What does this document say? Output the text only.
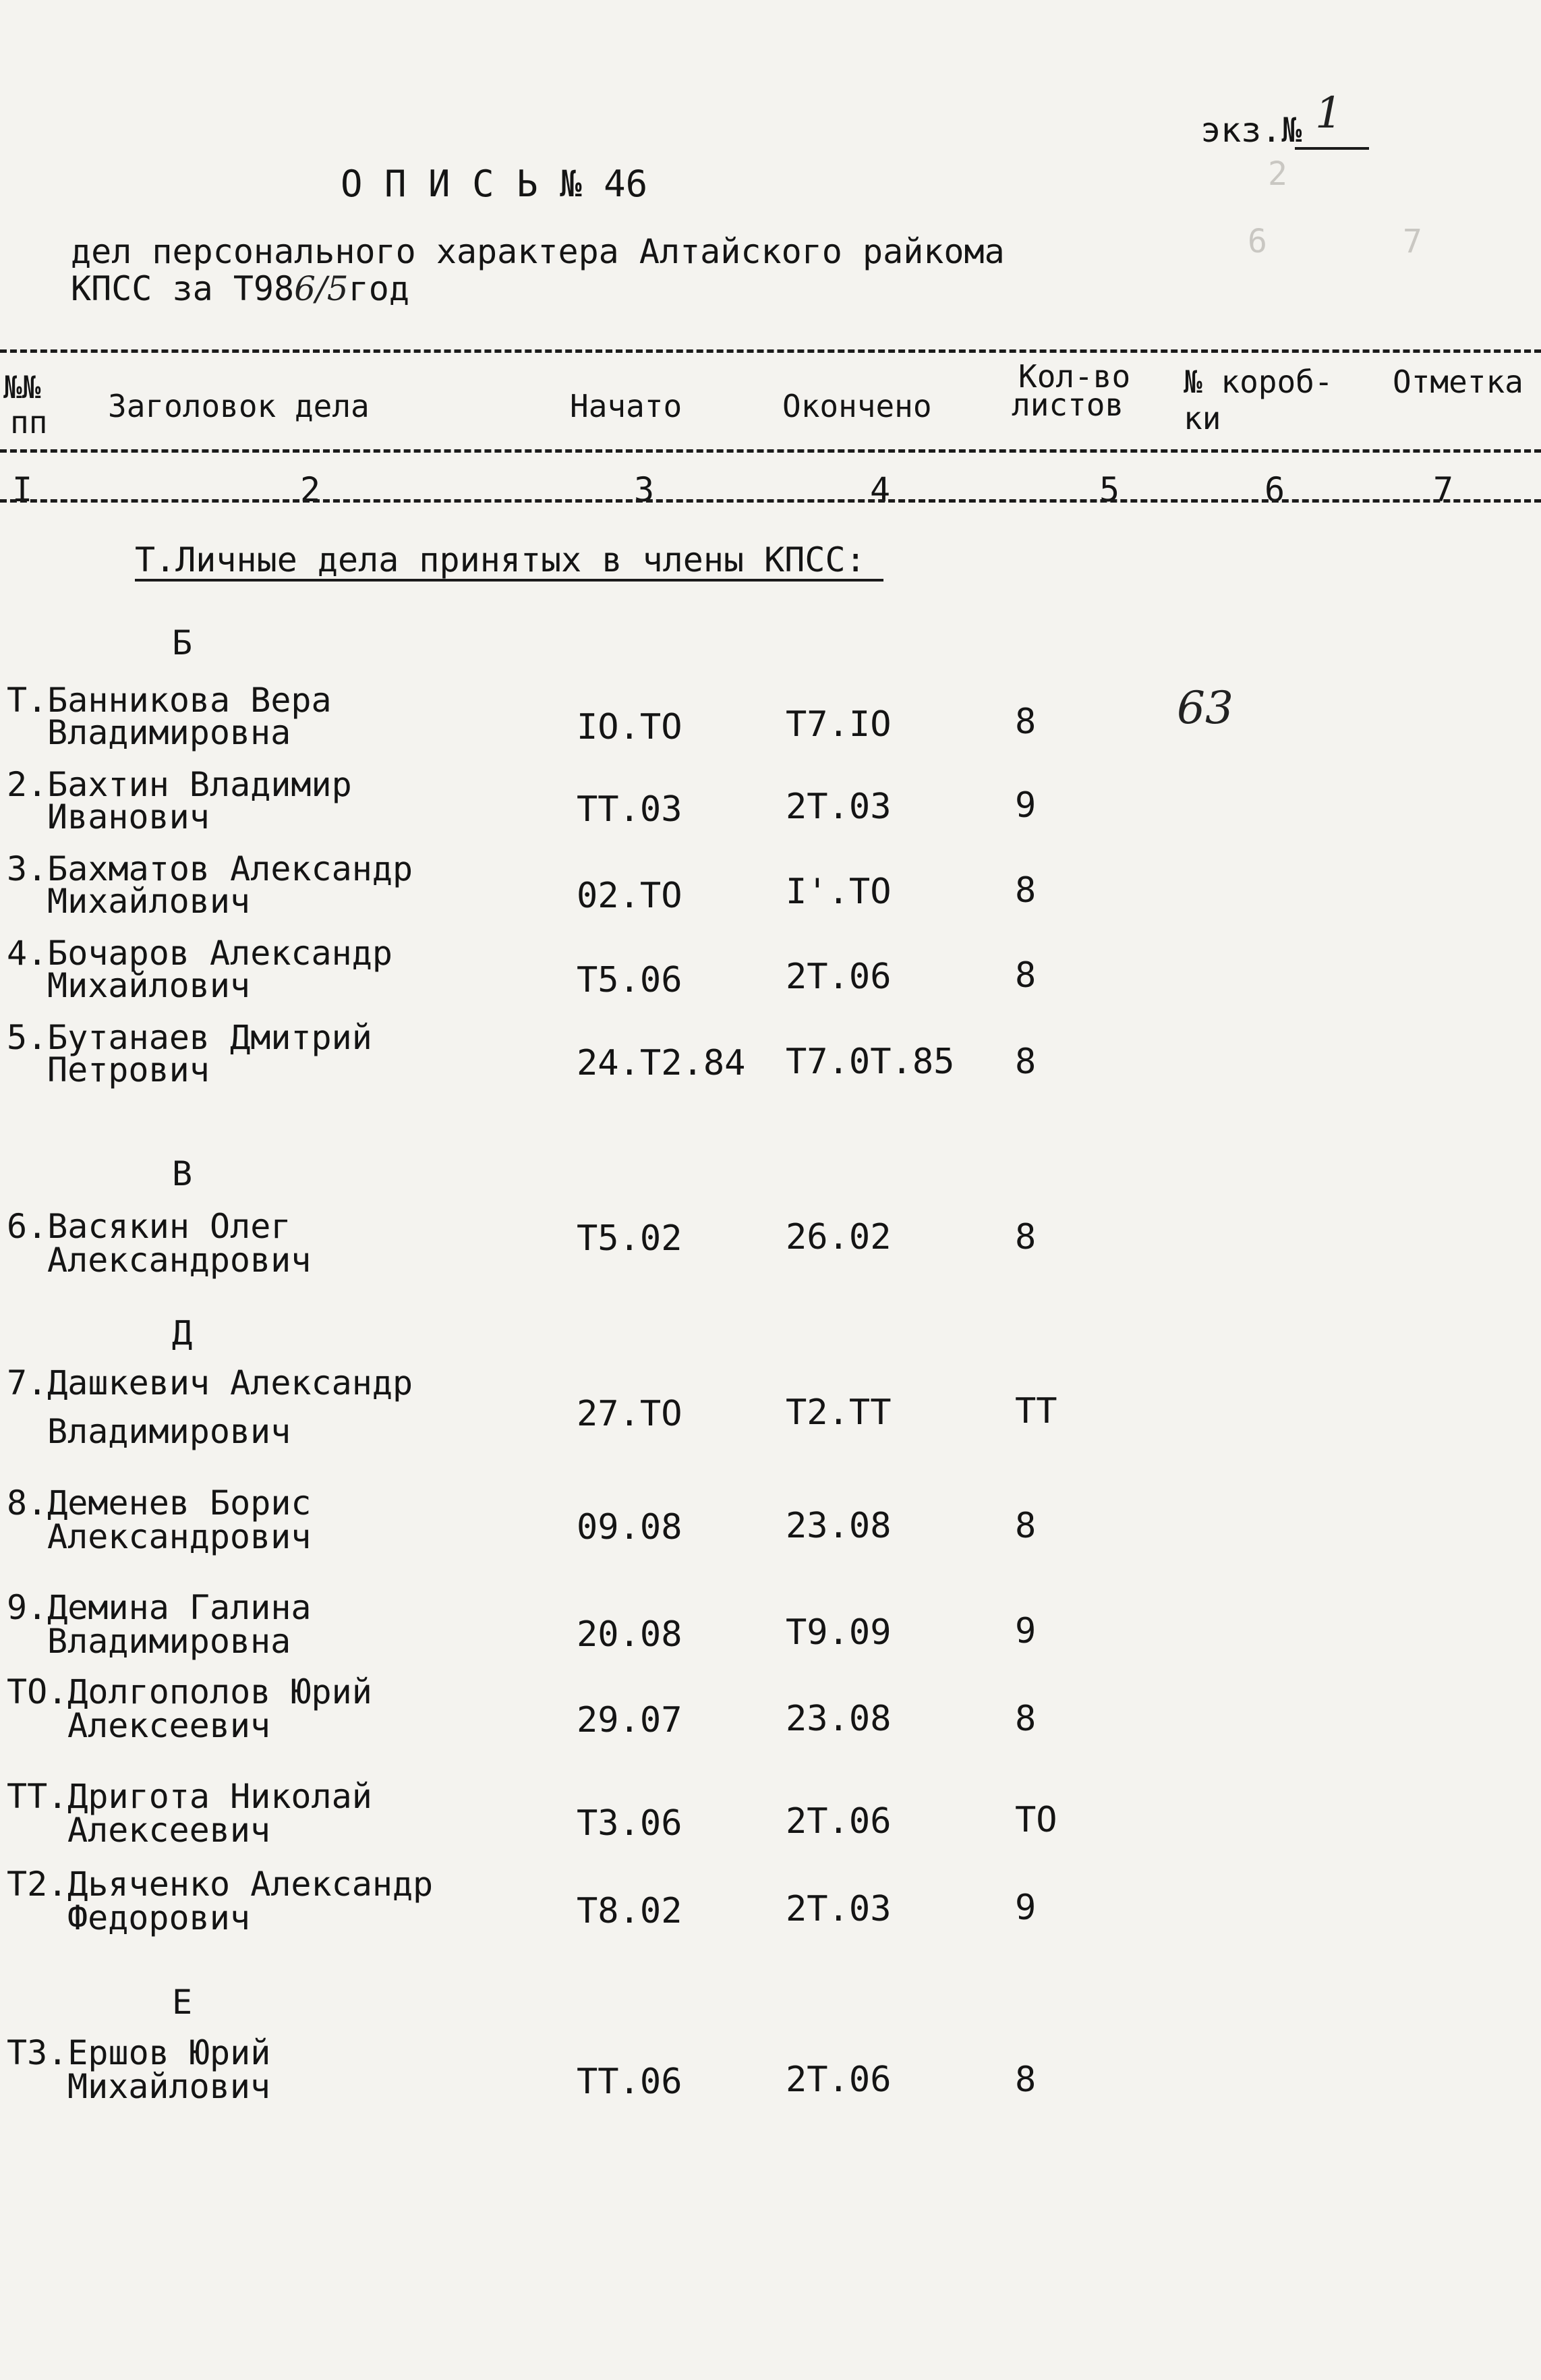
2
6	7
экз.№ 1
О П И С Ь № 46
дел персонального характера Алтайского райкома
КПСС за Т986/5год
№№
пп Заголовок дела	Начато	Окончено
Кол-во
листов
№ короб-
ки
Отметка
I	2	3	4	5	6	7
Т.Личные дела принятых в члены КПСС:
Б
Т.Банникова Вера
Владимировна	IO.TO	Т7.IO	8	63
2.Бахтин Владимир
Иванович	TT.03	2T.03	9
3.Бахматов Александр
Михайлович	02.TO	I'.TO	8
4.Бочаров Александр
Михайлович	T5.06	2T.06	8
5.Бутанаев Дмитрий
Петрович	24.T2.84 T7.0T.85 8
В
6.Васякин Олег
Александрович
T5.02	26.02	8
Д
7.Дашкевич Александр
Владимирович	27.TO	T2.TT	TT
8.Деменев Борис
Александрович	09.08	23.08	8
9.Демина Галина
Владимировна	20.08	T9.09	9
TO.Долгополов Юрий
Алексеевич	29.07	23.08	8
TT.Дригота Николай
Алексеевич	T3.06	2T.06	TO
T2.Дьяченко Александр
Федорович	T8.02	2T.03	9
Е
T3.Ершов Юрий
Михайлович	TT.06	2T.06	8
